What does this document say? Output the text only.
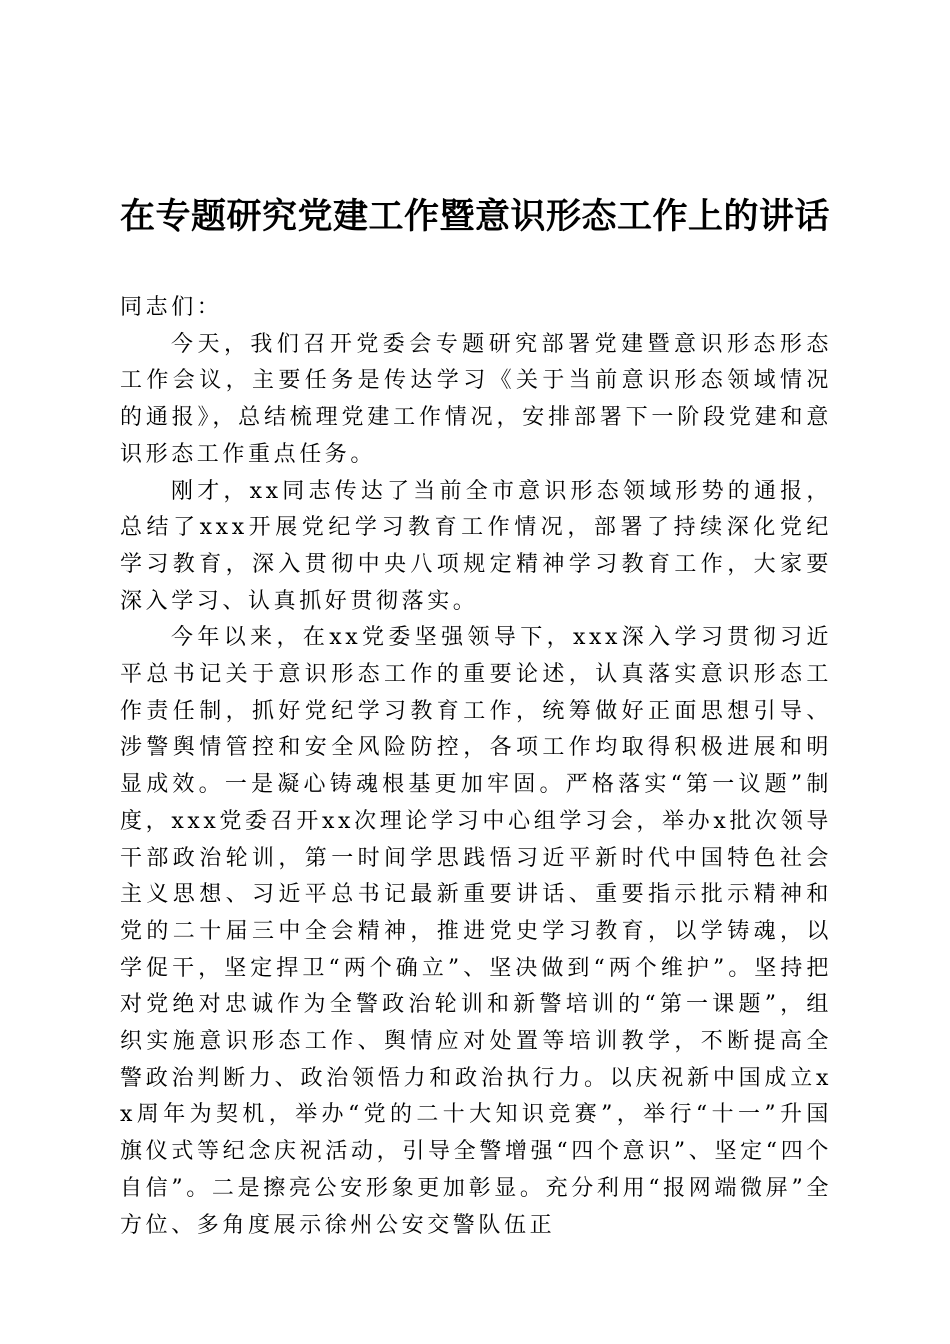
在专题研究党建工作暨意识形态工作上的讲话

同志们：

今天，我们召开党委会专题研究部署党建暨意识形态形态工作会议，主要任务是传达学习《关于当前意识形态领域情况的通报》，总结梳理党建工作情况，安排部署下一阶段党建和意识形态工作重点任务。

刚才，xx同志传达了当前全市意识形态领域形势的通报，总结了xxx开展党纪学习教育工作情况，部署了持续深化党纪学习教育，深入贯彻中央八项规定精神学习教育工作，大家要深入学习、认真抓好贯彻落实。

今年以来，在xx党委坚强领导下，xxx深入学习贯彻习近平总书记关于意识形态工作的重要论述，认真落实意识形态工作责任制，抓好党纪学习教育工作，统筹做好正面思想引导、涉警舆情管控和安全风险防控，各项工作均取得积极进展和明显成效。一是凝心铸魂根基更加牢固。严格落实“第一议题”制度，xxx党委召开xx次理论学习中心组学习会，举办x批次领导干部政治轮训，第一时间学思践悟习近平新时代中国特色社会主义思想、习近平总书记最新重要讲话、重要指示批示精神和党的二十届三中全会精神，推进党史学习教育，以学铸魂，以学促干，坚定捍卫“两个确立”、坚决做到“两个维护”。坚持把对党绝对忠诚作为全警政治轮训和新警培训的“第一课题”，组织实施意识形态工作、舆情应对处置等培训教学，不断提高全警政治判断力、政治领悟力和政治执行力。以庆祝新中国成立xx周年为契机，举办“党的二十大知识竞赛”，举行“十一”升国旗仪式等纪念庆祝活动，引导全警增强“四个意识”、坚定“四个自信”。二是擦亮公安形象更加彰显。充分利用“报网端微屏”全方位、多角度展示徐州公安交警队伍正
